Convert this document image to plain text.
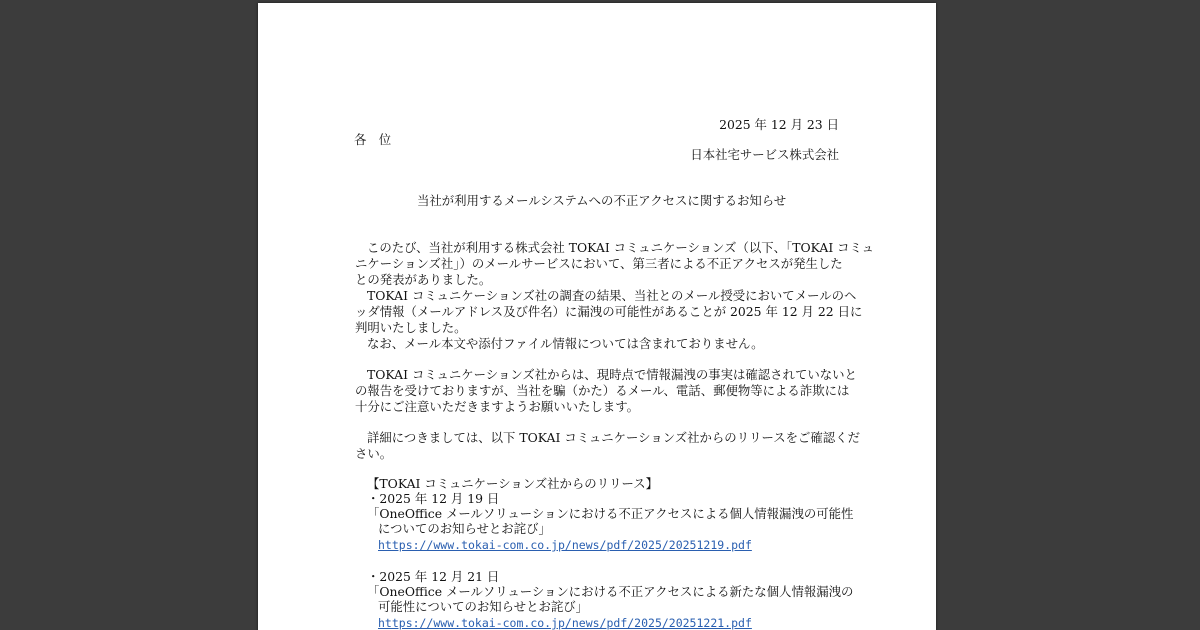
2025 年 12 月 23 日
各　位
日本社宅サービス株式会社
当社が利用するメールシステムへの不正アクセスに関するお知らせ
このたび、当社が利用する株式会社 TOKAI コミュニケーションズ（以下、「TOKAI コミュ
ニケーションズ社」）のメールサービスにおいて、第三者による不正アクセスが発生した
との発表がありました。
TOKAI コミュニケーションズ社の調査の結果、当社とのメール授受においてメールのヘ
ッダ情報（メールアドレス及び件名）に漏洩の可能性があることが 2025 年 12 月 22 日に
判明いたしました。
なお、メール本文や添付ファイル情報については含まれておりません。
TOKAI コミュニケーションズ社からは、現時点で情報漏洩の事実は確認されていないと
の報告を受けておりますが、当社を騙（かた）るメール、電話、郵便物等による詐欺には
十分にご注意いただきますようお願いいたします。
詳細につきましては、以下 TOKAI コミュニケーションズ社からのリリースをご確認くだ
さい。
【TOKAI コミュニケーションズ社からのリリース】
・2025 年 12 月 19 日
「OneOffice メールソリューションにおける不正アクセスによる個人情報漏洩の可能性
についてのお知らせとお詫び」
https://www.tokai-com.co.jp/news/pdf/2025/20251219.pdf
・2025 年 12 月 21 日
「OneOffice メールソリューションにおける不正アクセスによる新たな個人情報漏洩の
可能性についてのお知らせとお詫び」
https://www.tokai-com.co.jp/news/pdf/2025/20251221.pdf
